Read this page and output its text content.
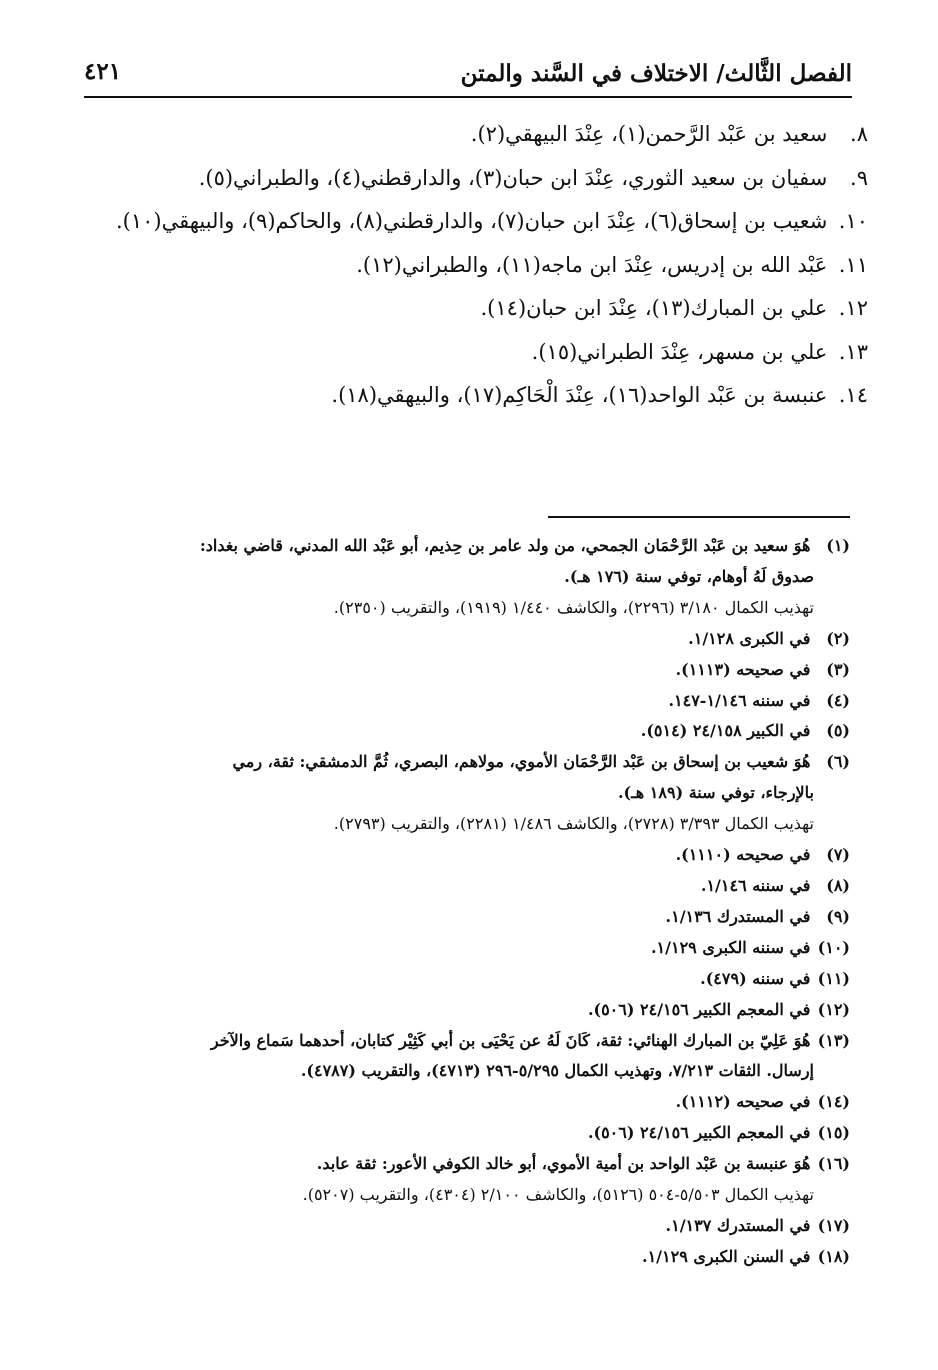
الفصل الثَّالث/ الاختلاف في السَّند والمتن
٤٢١
٨. سعيد بن عَبْد الرَّحمن(١)، عِنْدَ البيهقي(٢).
٩. سفيان بن سعيد الثوري، عِنْدَ ابن حبان(٣)، والدارقطني(٤)، والطبراني(٥).
١٠. شعيب بن إسحاق(٦)، عِنْدَ ابن حبان(٧)، والدارقطني(٨)، والحاكم(٩)، والبيهقي(١٠).
١١. عَبْد الله بن إدريس، عِنْدَ ابن ماجه(١١)، والطبراني(١٢).
١٢. علي بن المبارك(١٣)، عِنْدَ ابن حبان(١٤).
١٣. علي بن مسهر، عِنْدَ الطبراني(١٥).
١٤. عنبسة بن عَبْد الواحد(١٦)، عِنْدَ الْحَاكِم(١٧)، والبيهقي(١٨).
(١) هُوَ سعيد بن عَبْد الرَّحْمَان الجمحي، من ولد عامر بن حِذيم، أبو عَبْد الله المدني، قاضي بغداد:
صدوق لَهُ أوهام، توفي سنة (١٧٦ هـ).
تهذيب الكمال ٣/١٨٠ (٢٢٩٦)، والكاشف ١/٤٤٠ (١٩١٩)، والتقريب (٢٣٥٠).
(٢) في الكبرى ١/١٢٨.
(٣) في صحيحه (١١١٣).
(٤) في سننه ١/١٤٦-١٤٧.
(٥) في الكبير ٢٤/١٥٨ (٥١٤).
(٦) هُوَ شعيب بن إسحاق بن عَبْد الرَّحْمَان الأموي، مولاهم، البصري، ثُمَّ الدمشقي: ثقة، رمي
بالإرجاء، توفي سنة (١٨٩ هـ).
تهذيب الكمال ٣/٣٩٣ (٢٧٢٨)، والكاشف ١/٤٨٦ (٢٢٨١)، والتقريب (٢٧٩٣).
(٧) في صحيحه (١١١٠).
(٨) في سننه ١/١٤٦.
(٩) في المستدرك ١/١٣٦.
(١٠) في سننه الكبرى ١/١٢٩.
(١١) في سننه (٤٧٩).
(١٢) في المعجم الكبير ٢٤/١٥٦ (٥٠٦).
(١٣) هُوَ عَلِيّ بن المبارك الهنائي: ثقة، كَانَ لَهُ عن يَحْيَى بن أبي كَثِيْر كتابان، أحدهما سَماع والآخر
إرسال. الثقات ٧/٢١٣، وتهذيب الكمال ٥/٢٩٥-٢٩٦ (٤٧١٣)، والتقريب (٤٧٨٧).
(١٤) في صحيحه (١١١٢).
(١٥) في المعجم الكبير ٢٤/١٥٦ (٥٠٦).
(١٦) هُوَ عنبسة بن عَبْد الواحد بن أمية الأموي، أبو خالد الكوفي الأعور: ثقة عابد.
تهذيب الكمال ٥/٥٠٣-٥٠٤ (٥١٢٦)، والكاشف ٢/١٠٠ (٤٣٠٤)، والتقريب (٥٢٠٧).
(١٧) في المستدرك ١/١٣٧.
(١٨) في السنن الكبرى ١/١٢٩.
